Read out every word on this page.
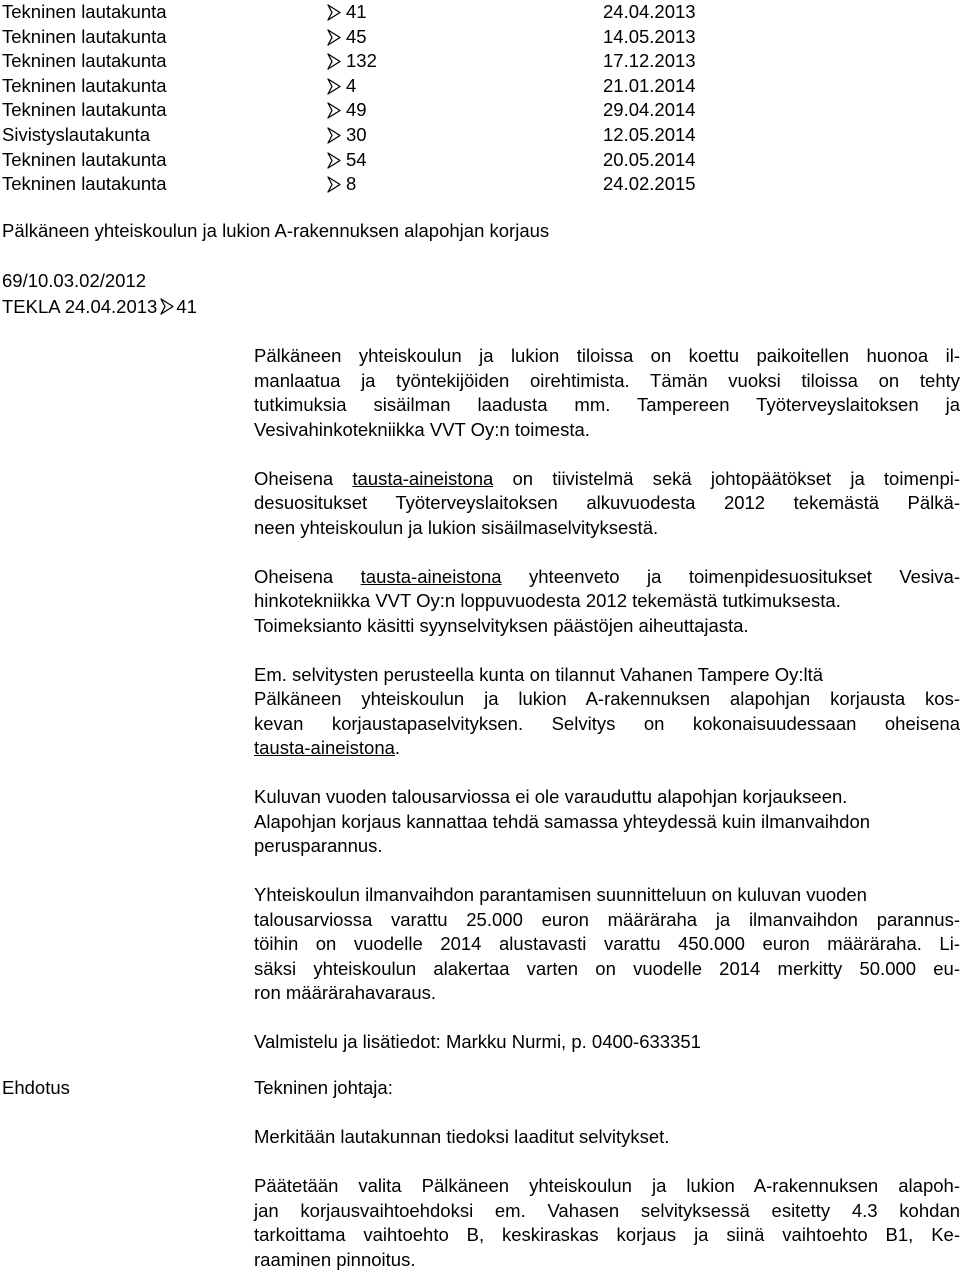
Tekninen lautakunta	41	24.04.2013
Tekninen lautakunta	45	14.05.2013
Tekninen lautakunta	132	17.12.2013
Tekninen lautakunta	4	21.01.2014
Tekninen lautakunta	49	29.04.2014
Sivistyslautakunta	30	12.05.2014
Tekninen lautakunta	54	20.05.2014
Tekninen lautakunta	8	24.02.2015
Pälkäneen yhteiskoulun ja lukion A-rakennuksen alapohjan korjaus
69/10.03.02/2012
TEKLA 24.04.2013 41
Pälkäneen yhteiskoulun ja lukion tiloissa on koettu paikoitellen huonoa il-
manlaatua ja työntekijöiden oirehtimista. Tämän vuoksi tiloissa on tehty
tutkimuksia sisäilman laadusta mm. Tampereen Työterveyslaitoksen ja
Vesivahinkotekniikka VVT Oy:n toimesta.
Oheisena tausta-aineistona on tiivistelmä sekä johtopäätökset ja toimenpi-
desuositukset Työterveyslaitoksen alkuvuodesta 2012 tekemästä Pälkä-
neen yhteiskoulun ja lukion sisäilmaselvityksestä.
Oheisena tausta-aineistona yhteenveto ja toimenpidesuositukset Vesiva-
hinkotekniikka VVT Oy:n loppuvuodesta 2012 tekemästä tutkimuksesta.
Toimeksianto käsitti syynselvityksen päästöjen aiheuttajasta.
Em. selvitysten perusteella kunta on tilannut Vahanen Tampere Oy:ltä
Pälkäneen yhteiskoulun ja lukion A-rakennuksen alapohjan korjausta kos-
kevan korjaustapaselvityksen. Selvitys on kokonaisuudessaan oheisena
tausta-aineistona.
Kuluvan vuoden talousarviossa ei ole varauduttu alapohjan korjaukseen.
Alapohjan korjaus kannattaa tehdä samassa yhteydessä kuin ilmanvaihdon
perusparannus.
Yhteiskoulun ilmanvaihdon parantamisen suunnitteluun on kuluvan vuoden
talousarviossa varattu 25.000 euron määräraha ja ilmanvaihdon parannus-
töihin on vuodelle 2014 alustavasti varattu 450.000 euron määräraha. Li-
säksi yhteiskoulun alakertaa varten on vuodelle 2014 merkitty 50.000 eu-
ron määrärahavaraus.
Valmistelu ja lisätiedot: Markku Nurmi, p. 0400-633351
Ehdotus	Tekninen johtaja:
Merkitään lautakunnan tiedoksi laaditut selvitykset.
Päätetään valita Pälkäneen yhteiskoulun ja lukion A-rakennuksen alapoh-
jan korjausvaihtoehdoksi em. Vahasen selvityksessä esitetty 4.3 kohdan
tarkoittama vaihtoehto B, keskiraskas korjaus ja siinä vaihtoehto B1, Ke-
raaminen pinnoitus.
